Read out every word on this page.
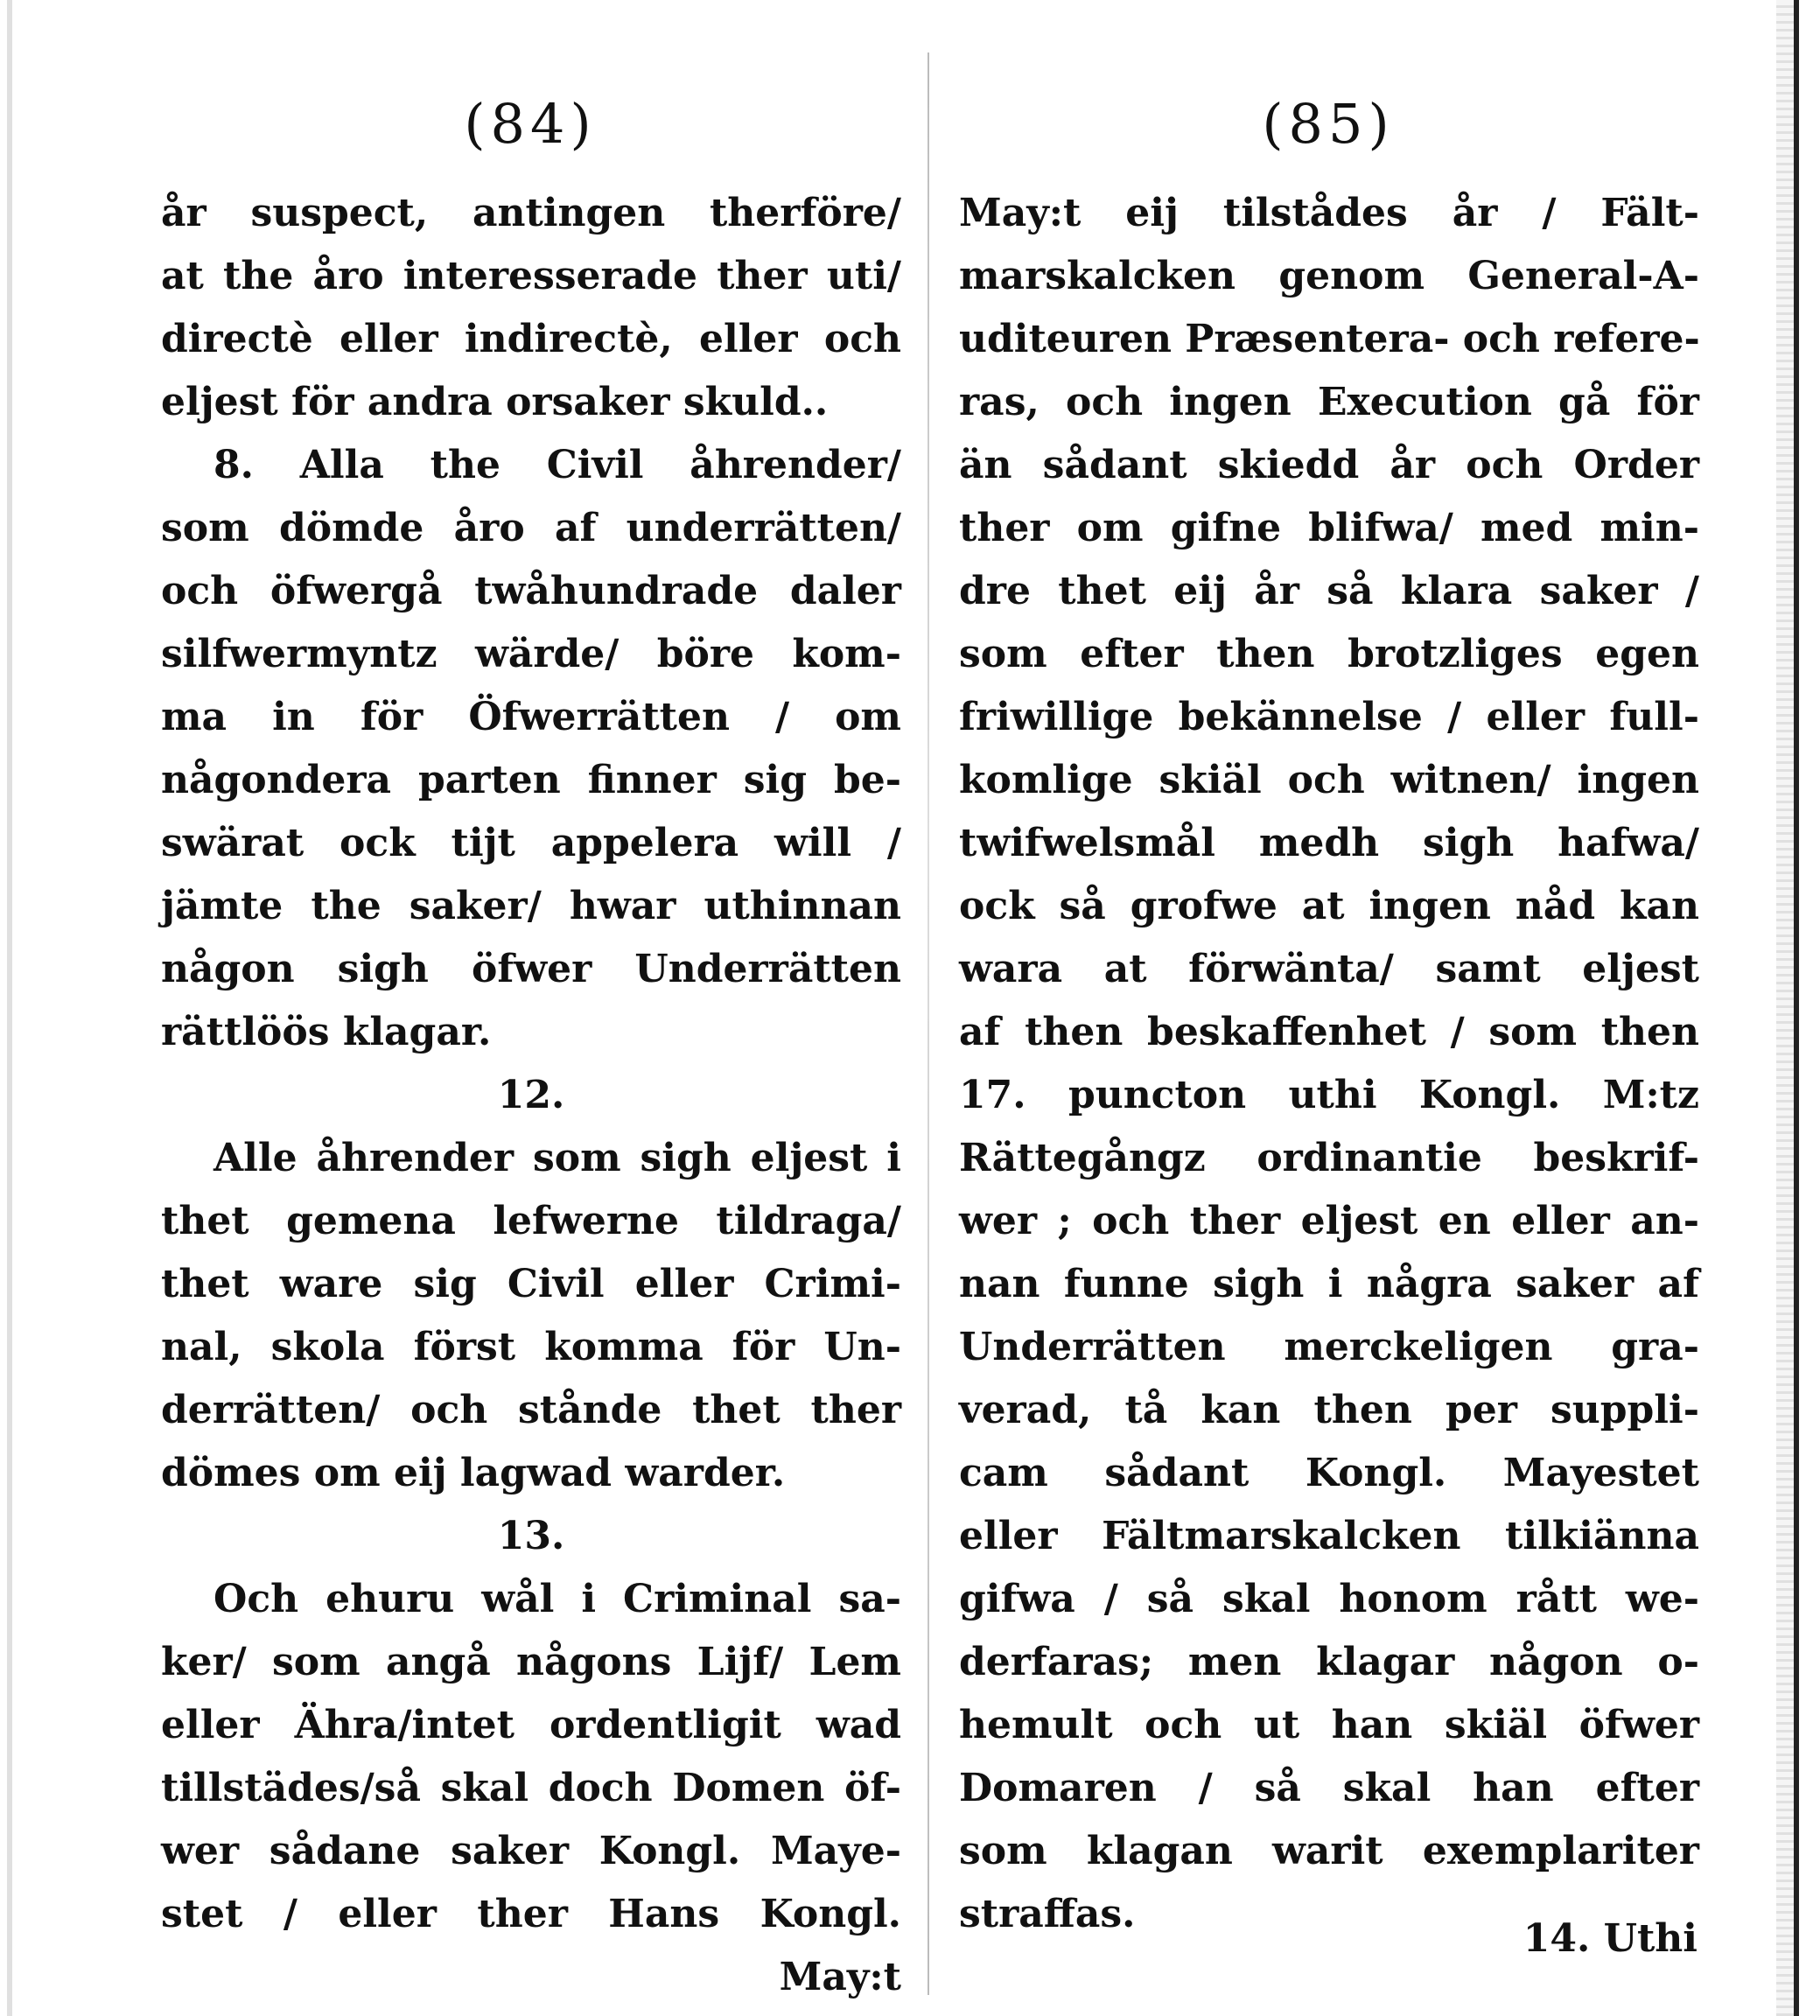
(84)	(85)
år suspect, antingen therföre/
at the åro interesserade ther uti/
directè eller indirectè, eller och
eljest för andra orsaker skuld..
8. Alla the Civil åhrender/
som dömde åro af underrätten/
och öfwergå twåhundrade daler
silfwermyntz wärde/ böre kom-
ma in för Öfwerrätten / om
någondera parten finner sig be-
swärat ock tijt appelera will /
jämte the saker/ hwar uthinnan
någon sigh öfwer Underrätten
rättlöös klagar.
12.
Alle åhrender som sigh eljest i
thet gemena lefwerne tildraga/
thet ware sig Civil eller Crimi-
nal, skola först komma för Un-
derrätten/ och stånde thet ther
dömes om eij lagwad warder.
13.
Och ehuru wål i Criminal sa-
ker/ som angå någons Lijf/ Lem
eller Ähra/intet ordentligit wad
tillstädes/så skal doch Domen öf-
wer sådane saker Kongl. Maye-
stet / eller ther Hans Kongl.
May:t
May:t eij tilstådes år / Fält-
marskalcken genom General-A-
uditeuren Præsentera- och refere-
ras, och ingen Execution gå för
än sådant skiedd år och Order
ther om gifne blifwa/ med min-
dre thet eij år så klara saker /
som efter then brotzliges egen
friwillige bekännelse / eller full-
komlige skiäl och witnen/ ingen
twifwelsmål medh sigh hafwa/
ock så grofwe at ingen nåd kan
wara at förwänta/ samt eljest
af then beskaffenhet / som then
17. puncton uthi Kongl. M:tz
Rättegångz ordinantie beskrif-
wer ; och ther eljest en eller an-
nan funne sigh i några saker af
Underrätten merckeligen gra-
verad, tå kan then per suppli-
cam sådant Kongl. Mayestet
eller Fältmarskalcken tilkiänna
gifwa / så skal honom rått we-
derfaras; men klagar någon o-
hemult och ut han skiäl öfwer
Domaren / så skal han efter
som klagan warit exemplariter
straffas.
14. Uthi
